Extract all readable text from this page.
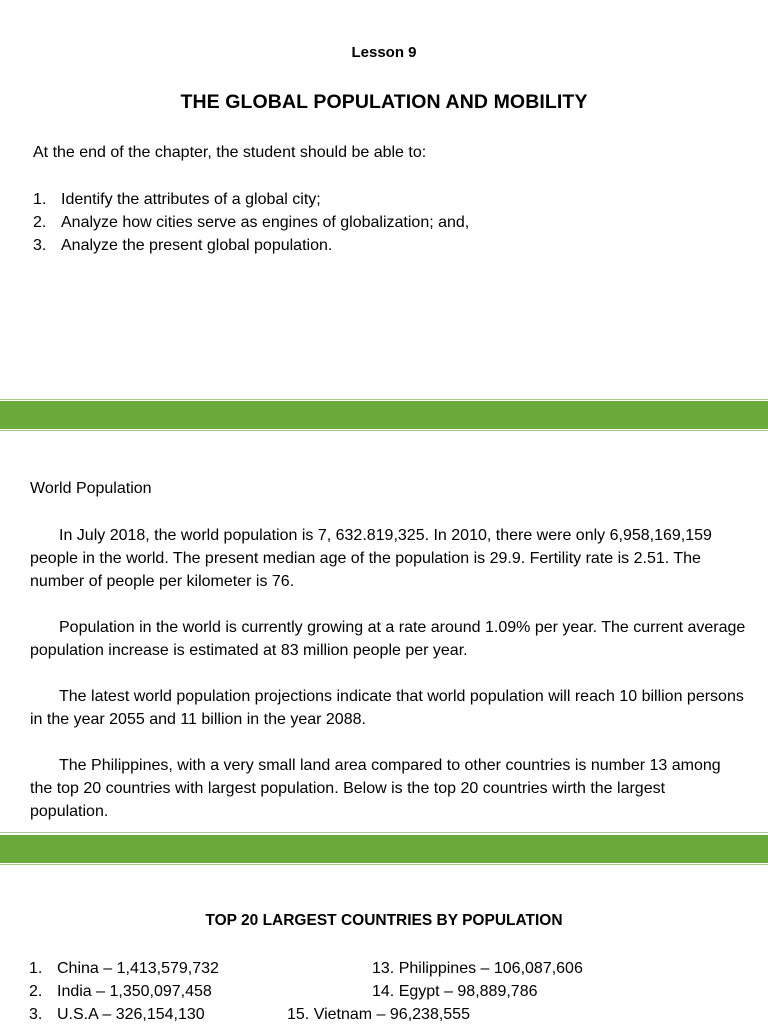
Lesson 9
THE GLOBAL POPULATION AND MOBILITY
At the end of the chapter, the student should be able to:
1. Identify the attributes of a global city;
2. Analyze how cities serve as engines of globalization; and,
3. Analyze the present global population.
World Population

In July 2018, the world population is 7, 632.819,325. In 2010, there were only 6,958,169,159 people in the world. The present median age of the population is 29.9. Fertility rate is 2.51. The number of people per kilometer is 76.

Population in the world is currently growing at a rate around 1.09% per year. The current average population increase is estimated at 83 million people per year.

The latest world population projections indicate that world population will reach 10 billion persons in the year 2055 and 11 billion in the year 2088.

The Philippines, with a very small land area compared to other countries is number 13 among the top 20 countries with largest population. Below is the top 20 countries wirth the largest population.

TOP 20 LARGEST COUNTRIES BY POPULATION
1. China – 1,413,579,732
2. India – 1,350,097,458
3. U.S.A – 326,154,130
13. Philippines – 106,087,606
14. Egypt – 98,889,786
15. Vietnam – 96,238,555
